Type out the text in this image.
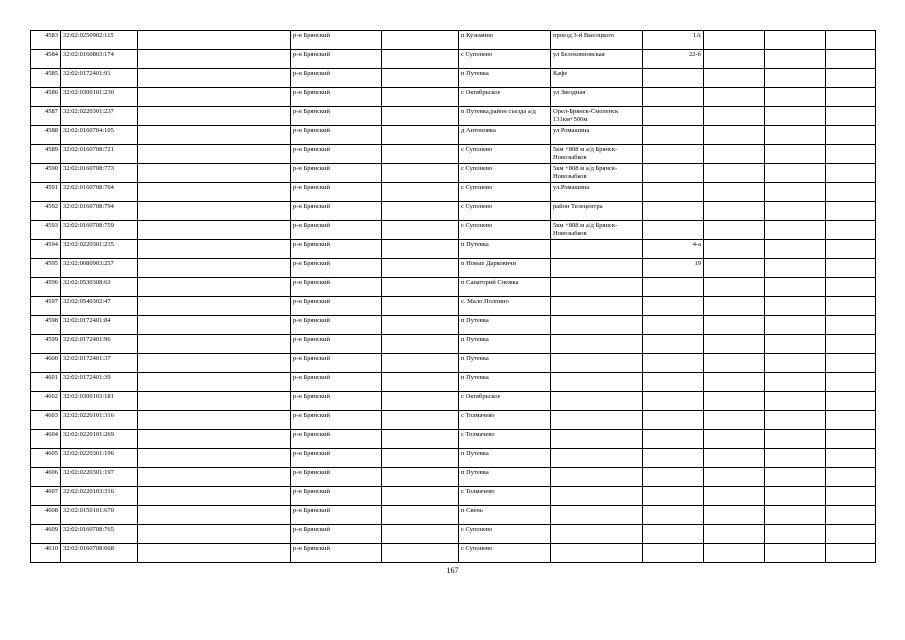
4583	32:02:0250902:115		р-н Брянский		п Кузьмино	проезд 3-й Высоцкого	1А			
4584	32:02:0160803:174		р-н Брянский		с Супонево	ул Белоховновская	22-б			
4585	32:02:0172401:91		р-н Брянский		п Путевка	Кафе				
4586	32:02:0300101:230		р-н Брянский		с Октябрьское	ул Звездная				
4587	32:02:0220301:237		р-н Брянский		п Путевка,район съезда а/д	Орел-Брянск-Смоленск 131км+500м				
4588	32:02:0160704:105		р-н Брянский		д Антоновка	ул Ромашина				
4589	32:02:0160708:721		р-н Брянский		с Супонево	5км +808 м а/д Брянск-Новозыбков				
4590	32:02:0160708:773		р-н Брянский		с Супонево	5км +808 м а/д Брянск-Новозыбков				
4591	32:02:0160708:764		р-н Брянский		с Супонево	ул.Ромашина				
4592	32:02:0160708:794		р-н Брянский		с Супонево	район Телецентра				
4593	32:02:0160708:759		р-н Брянский		с Супонево	5км +808 м а/д Брянск-Новозыбков				
4594	32:02:0220301:235		р-н Брянский		п Путевка		4-а			
4595	32:02:0080903:257		р-н Брянский		п Новые Дарковичи		19			
4596	32:02:0530308:63		р-н Брянский		п Санаторий Снежка					
4597	32:02:0540302:47		р-н Брянский		с. Мало Полпино					
4598	32:02:0172401:84		р-н Брянский		п Путевка					
4599	32:02:0172401:96		р-н Брянский		п Путевка					
4600	32:02:0172401:37		р-н Брянский		п Путевка					
4601	32:02:0172401:39		р-н Брянский		п Путевка					
4602	32:02:0300103:181		р-н Брянский		с Октябрьское					
4603	32:02:0220101:316		р-н Брянский		с Толмачево					
4604	32:02:0220101:269		р-н Брянский		с Толмачево					
4605	32:02:0220301:196		р-н Брянский		п Путевка					
4606	32:02:0220301:197		р-н Брянский		п Путевка					
4607	32:02:0220103:316		р-н Брянский		с Толмачево					
4608	32:02:0150101:670		р-н Брянский		п Свень					
4609	32:02:0160708:765		р-н Брянский		с Супонево					
4610	32:02:0160708:668		р-н Брянский		с Супонево					
167
